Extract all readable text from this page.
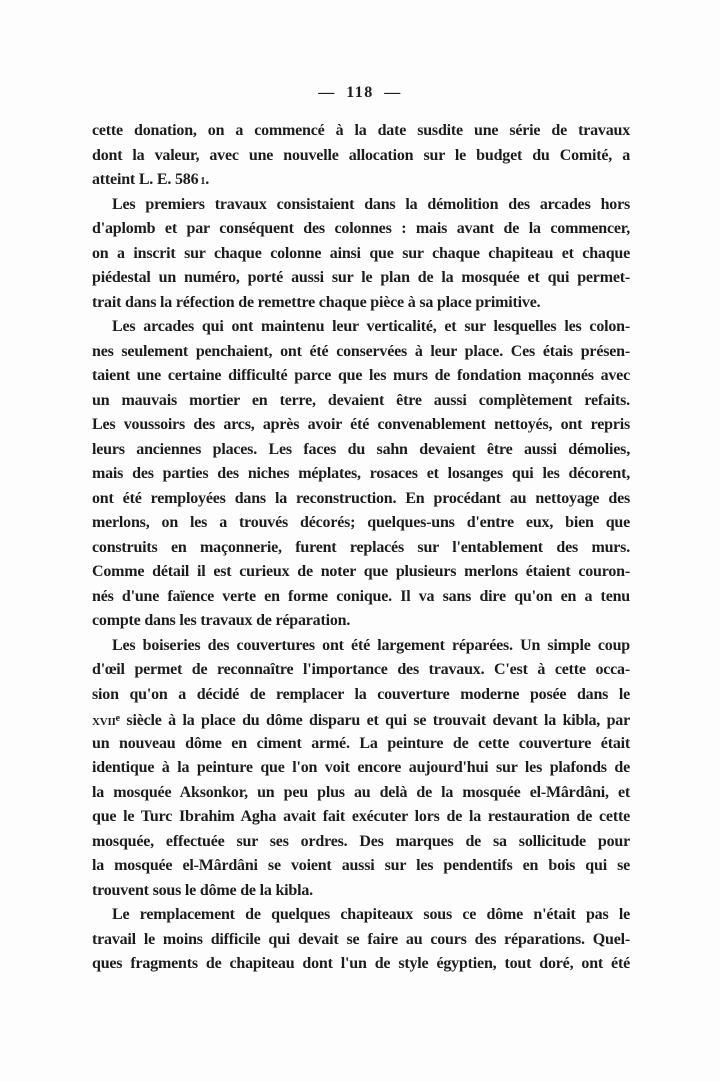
— 118 —
cette donation, on a commencé à la date susdite une série de travaux
dont la valeur, avec une nouvelle allocation sur le budget du Comité, a
atteint L. E. 586 1.
Les premiers travaux consistaient dans la démolition des arcades hors
d'aplomb et par conséquent des colonnes : mais avant de la commencer,
on a inscrit sur chaque colonne ainsi que sur chaque chapiteau et chaque
piédestal un numéro, porté aussi sur le plan de la mosquée et qui permet-
trait dans la réfection de remettre chaque pièce à sa place primitive.
Les arcades qui ont maintenu leur verticalité, et sur lesquelles les colon-
nes seulement penchaient, ont été conservées à leur place. Ces étais présen-
taient une certaine difficulté parce que les murs de fondation maçonnés avec
un mauvais mortier en terre, devaient être aussi complètement refaits.
Les voussoirs des arcs, après avoir été convenablement nettoyés, ont repris
leurs anciennes places. Les faces du sahn devaient être aussi démolies,
mais des parties des niches méplates, rosaces et losanges qui les décorent,
ont été remployées dans la reconstruction. En procédant au nettoyage des
merlons, on les a trouvés décorés; quelques-uns d'entre eux, bien que
construits en maçonnerie, furent replacés sur l'entablement des murs.
Comme détail il est curieux de noter que plusieurs merlons étaient couron-
nés d'une faïence verte en forme conique. Il va sans dire qu'on en a tenu
compte dans les travaux de réparation.
Les boiseries des couvertures ont été largement réparées. Un simple coup
d'œil permet de reconnaître l'importance des travaux. C'est à cette occa-
sion qu'on a décidé de remplacer la couverture moderne posée dans le
xvii$^e$ siècle à la place du dôme disparu et qui se trouvait devant la kibla, par
un nouveau dôme en ciment armé. La peinture de cette couverture était
identique à la peinture que l'on voit encore aujourd'hui sur les plafonds de
la mosquée Aksonkor, un peu plus au delà de la mosquée el-Mârdâni, et
que le Turc Ibrahim Agha avait fait exécuter lors de la restauration de cette
mosquée, effectuée sur ses ordres. Des marques de sa sollicitude pour
la mosquée el-Mârdâni se voient aussi sur les pendentifs en bois qui se
trouvent sous le dôme de la kibla.
Le remplacement de quelques chapiteaux sous ce dôme n'était pas le
travail le moins difficile qui devait se faire au cours des réparations. Quel-
ques fragments de chapiteau dont l'un de style égyptien, tout doré, ont été
